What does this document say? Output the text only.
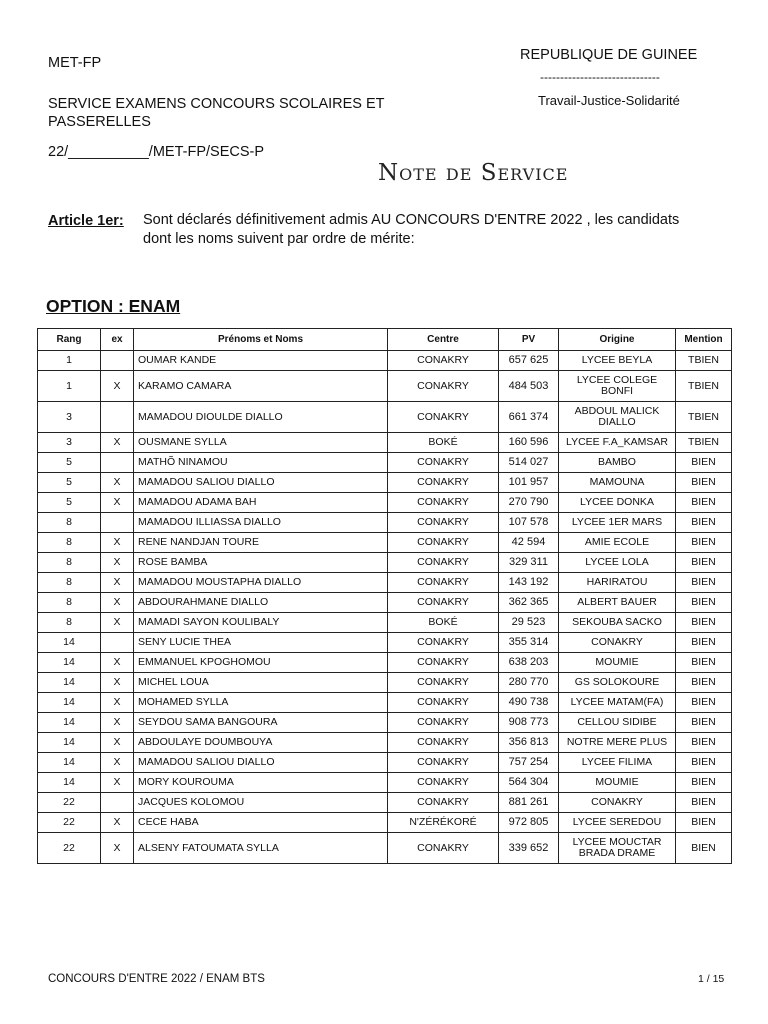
MET-FP
SERVICE EXAMENS CONCOURS SCOLAIRES ET PASSERELLES
22/__________/MET-FP/SECS-P
REPUBLIQUE DE GUINEE
------------------------------
Travail-Justice-Solidarité
Note de Service
Article 1er: Sont déclarés définitivement admis AU CONCOURS D'ENTRE 2022 , les candidats dont les noms suivent par ordre de mérite:
OPTION : ENAM
Rang	ex	Prénoms et Noms	Centre	PV	Origine	Mention
1		OUMAR KANDE	CONAKRY	657 625	LYCEE BEYLA	TBIEN
1	X	KARAMO CAMARA	CONAKRY	484 503	LYCEE COLEGE BONFI	TBIEN
3		MAMADOU DIOULDE DIALLO	CONAKRY	661 374	ABDOUL MALICK DIALLO	TBIEN
3	X	OUSMANE SYLLA	BOKÉ	160 596	LYCEE F.A_KAMSAR	TBIEN
5		MATHÕ NINAMOU	CONAKRY	514 027	BAMBO	BIEN
5	X	MAMADOU SALIOU DIALLO	CONAKRY	101 957	MAMOUNA	BIEN
5	X	MAMADOU ADAMA BAH	CONAKRY	270 790	LYCEE DONKA	BIEN
8		MAMADOU ILLIASSA DIALLO	CONAKRY	107 578	LYCEE 1ER MARS	BIEN
8	X	RENE NANDJAN TOURE	CONAKRY	42 594	AMIE ECOLE	BIEN
8	X	ROSE BAMBA	CONAKRY	329 311	LYCEE LOLA	BIEN
8	X	MAMADOU MOUSTAPHA DIALLO	CONAKRY	143 192	HARIRATOU	BIEN
8	X	ABDOURAHMANE DIALLO	CONAKRY	362 365	ALBERT BAUER	BIEN
8	X	MAMADI SAYON KOULIBALY	BOKÉ	29 523	SEKOUBA SACKO	BIEN
14		SENY LUCIE THEA	CONAKRY	355 314	CONAKRY	BIEN
14	X	EMMANUEL KPOGHOMOU	CONAKRY	638 203	MOUMIE	BIEN
14	X	MICHEL LOUA	CONAKRY	280 770	GS SOLOKOURE	BIEN
14	X	MOHAMED SYLLA	CONAKRY	490 738	LYCEE MATAM(FA)	BIEN
14	X	SEYDOU SAMA BANGOURA	CONAKRY	908 773	CELLOU SIDIBE	BIEN
14	X	ABDOULAYE DOUMBOUYA	CONAKRY	356 813	NOTRE MERE PLUS	BIEN
14	X	MAMADOU SALIOU DIALLO	CONAKRY	757 254	LYCEE FILIMA	BIEN
14	X	MORY KOUROUMA	CONAKRY	564 304	MOUMIE	BIEN
22		JACQUES KOLOMOU	CONAKRY	881 261	CONAKRY	BIEN
22	X	CECE HABA	N'ZÉRÉKORÉ	972 805	LYCEE SEREDOU	BIEN
22	X	ALSENY FATOUMATA SYLLA	CONAKRY	339 652	LYCEE MOUCTAR BRADA DRAME	BIEN
CONCOURS D'ENTRE 2022 / ENAM BTS	1 / 15
